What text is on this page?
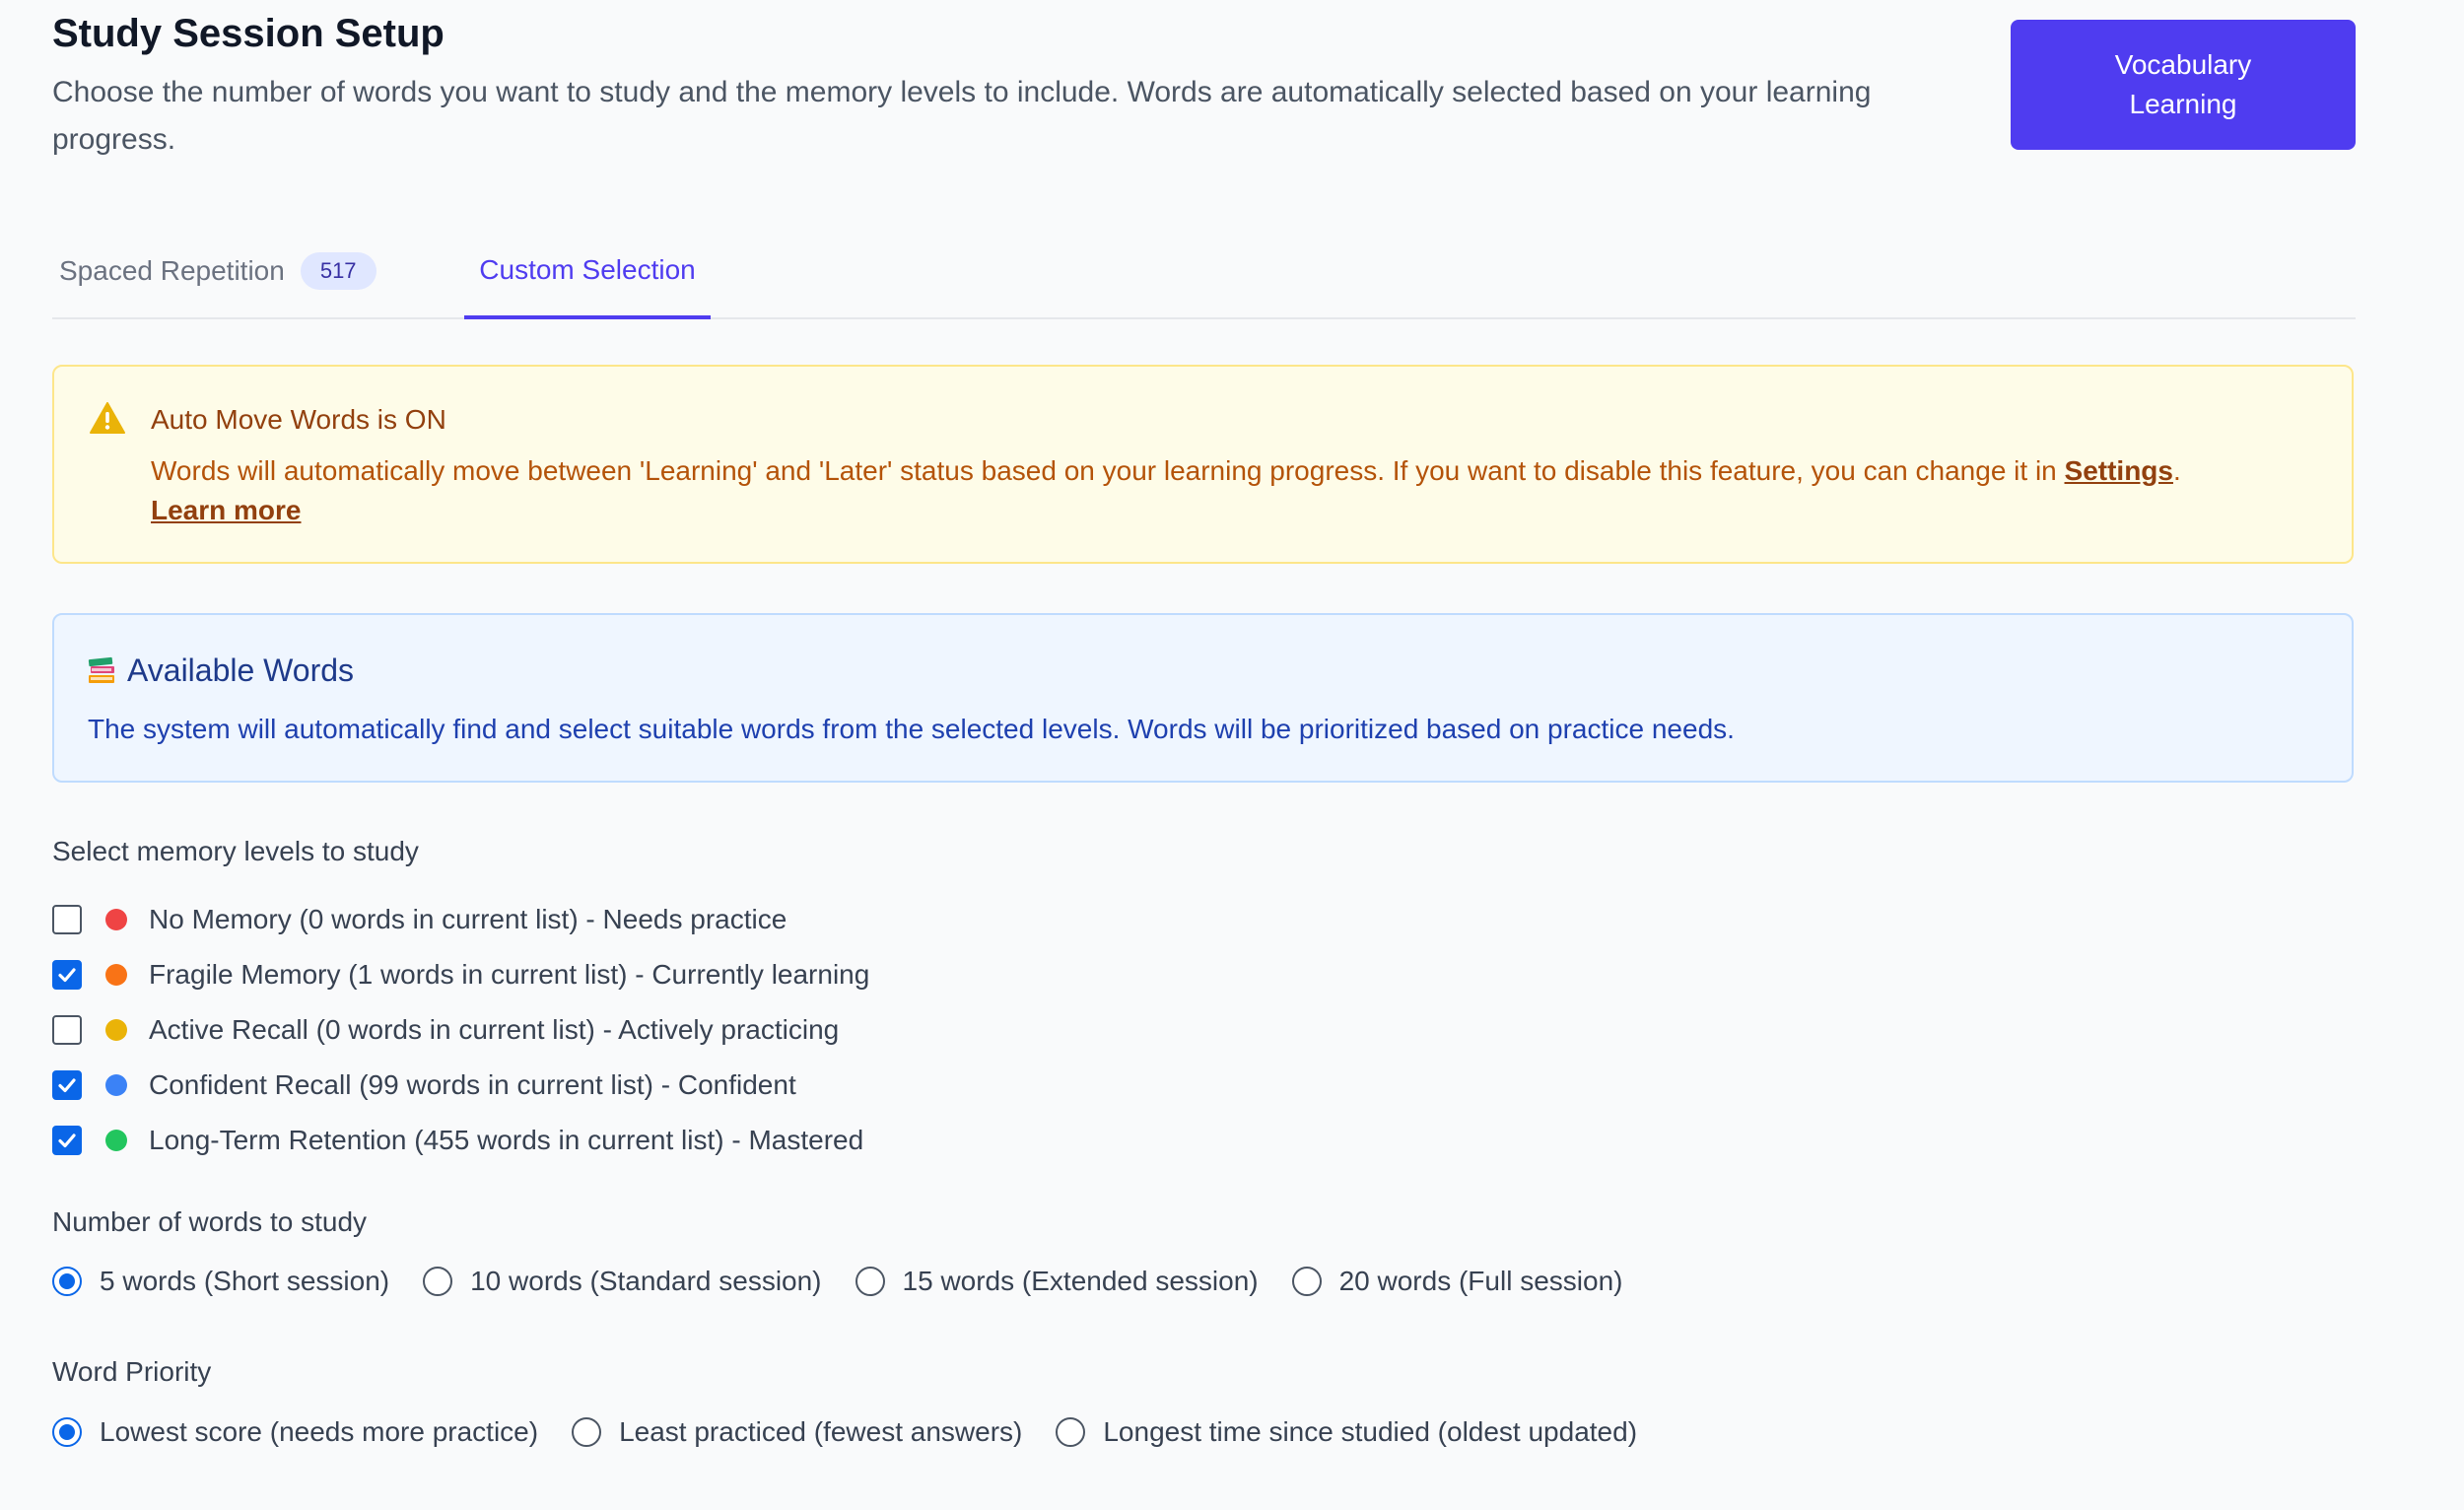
Study Session Setup
Choose the number of words you want to study and the memory levels to include. Words are automatically selected based on your learning progress.
Vocabulary Learning
Spaced Repetition	517	Custom Selection
Auto Move Words is ON
Words will automatically move between 'Learning' and 'Later' status based on your learning progress. If you want to disable this feature, you can change it in Settings.
Learn more
Available Words
The system will automatically find and select suitable words from the selected levels. Words will be prioritized based on practice needs.
Select memory levels to study
No Memory (0 words in current list) - Needs practice
Fragile Memory (1 words in current list) - Currently learning
Active Recall (0 words in current list) - Actively practicing
Confident Recall (99 words in current list) - Confident
Long-Term Retention (455 words in current list) - Mastered
Number of words to study
5 words (Short session)	10 words (Standard session)	15 words (Extended session)	20 words (Full session)
Word Priority
Lowest score (needs more practice)	Least practiced (fewest answers)	Longest time since studied (oldest updated)
